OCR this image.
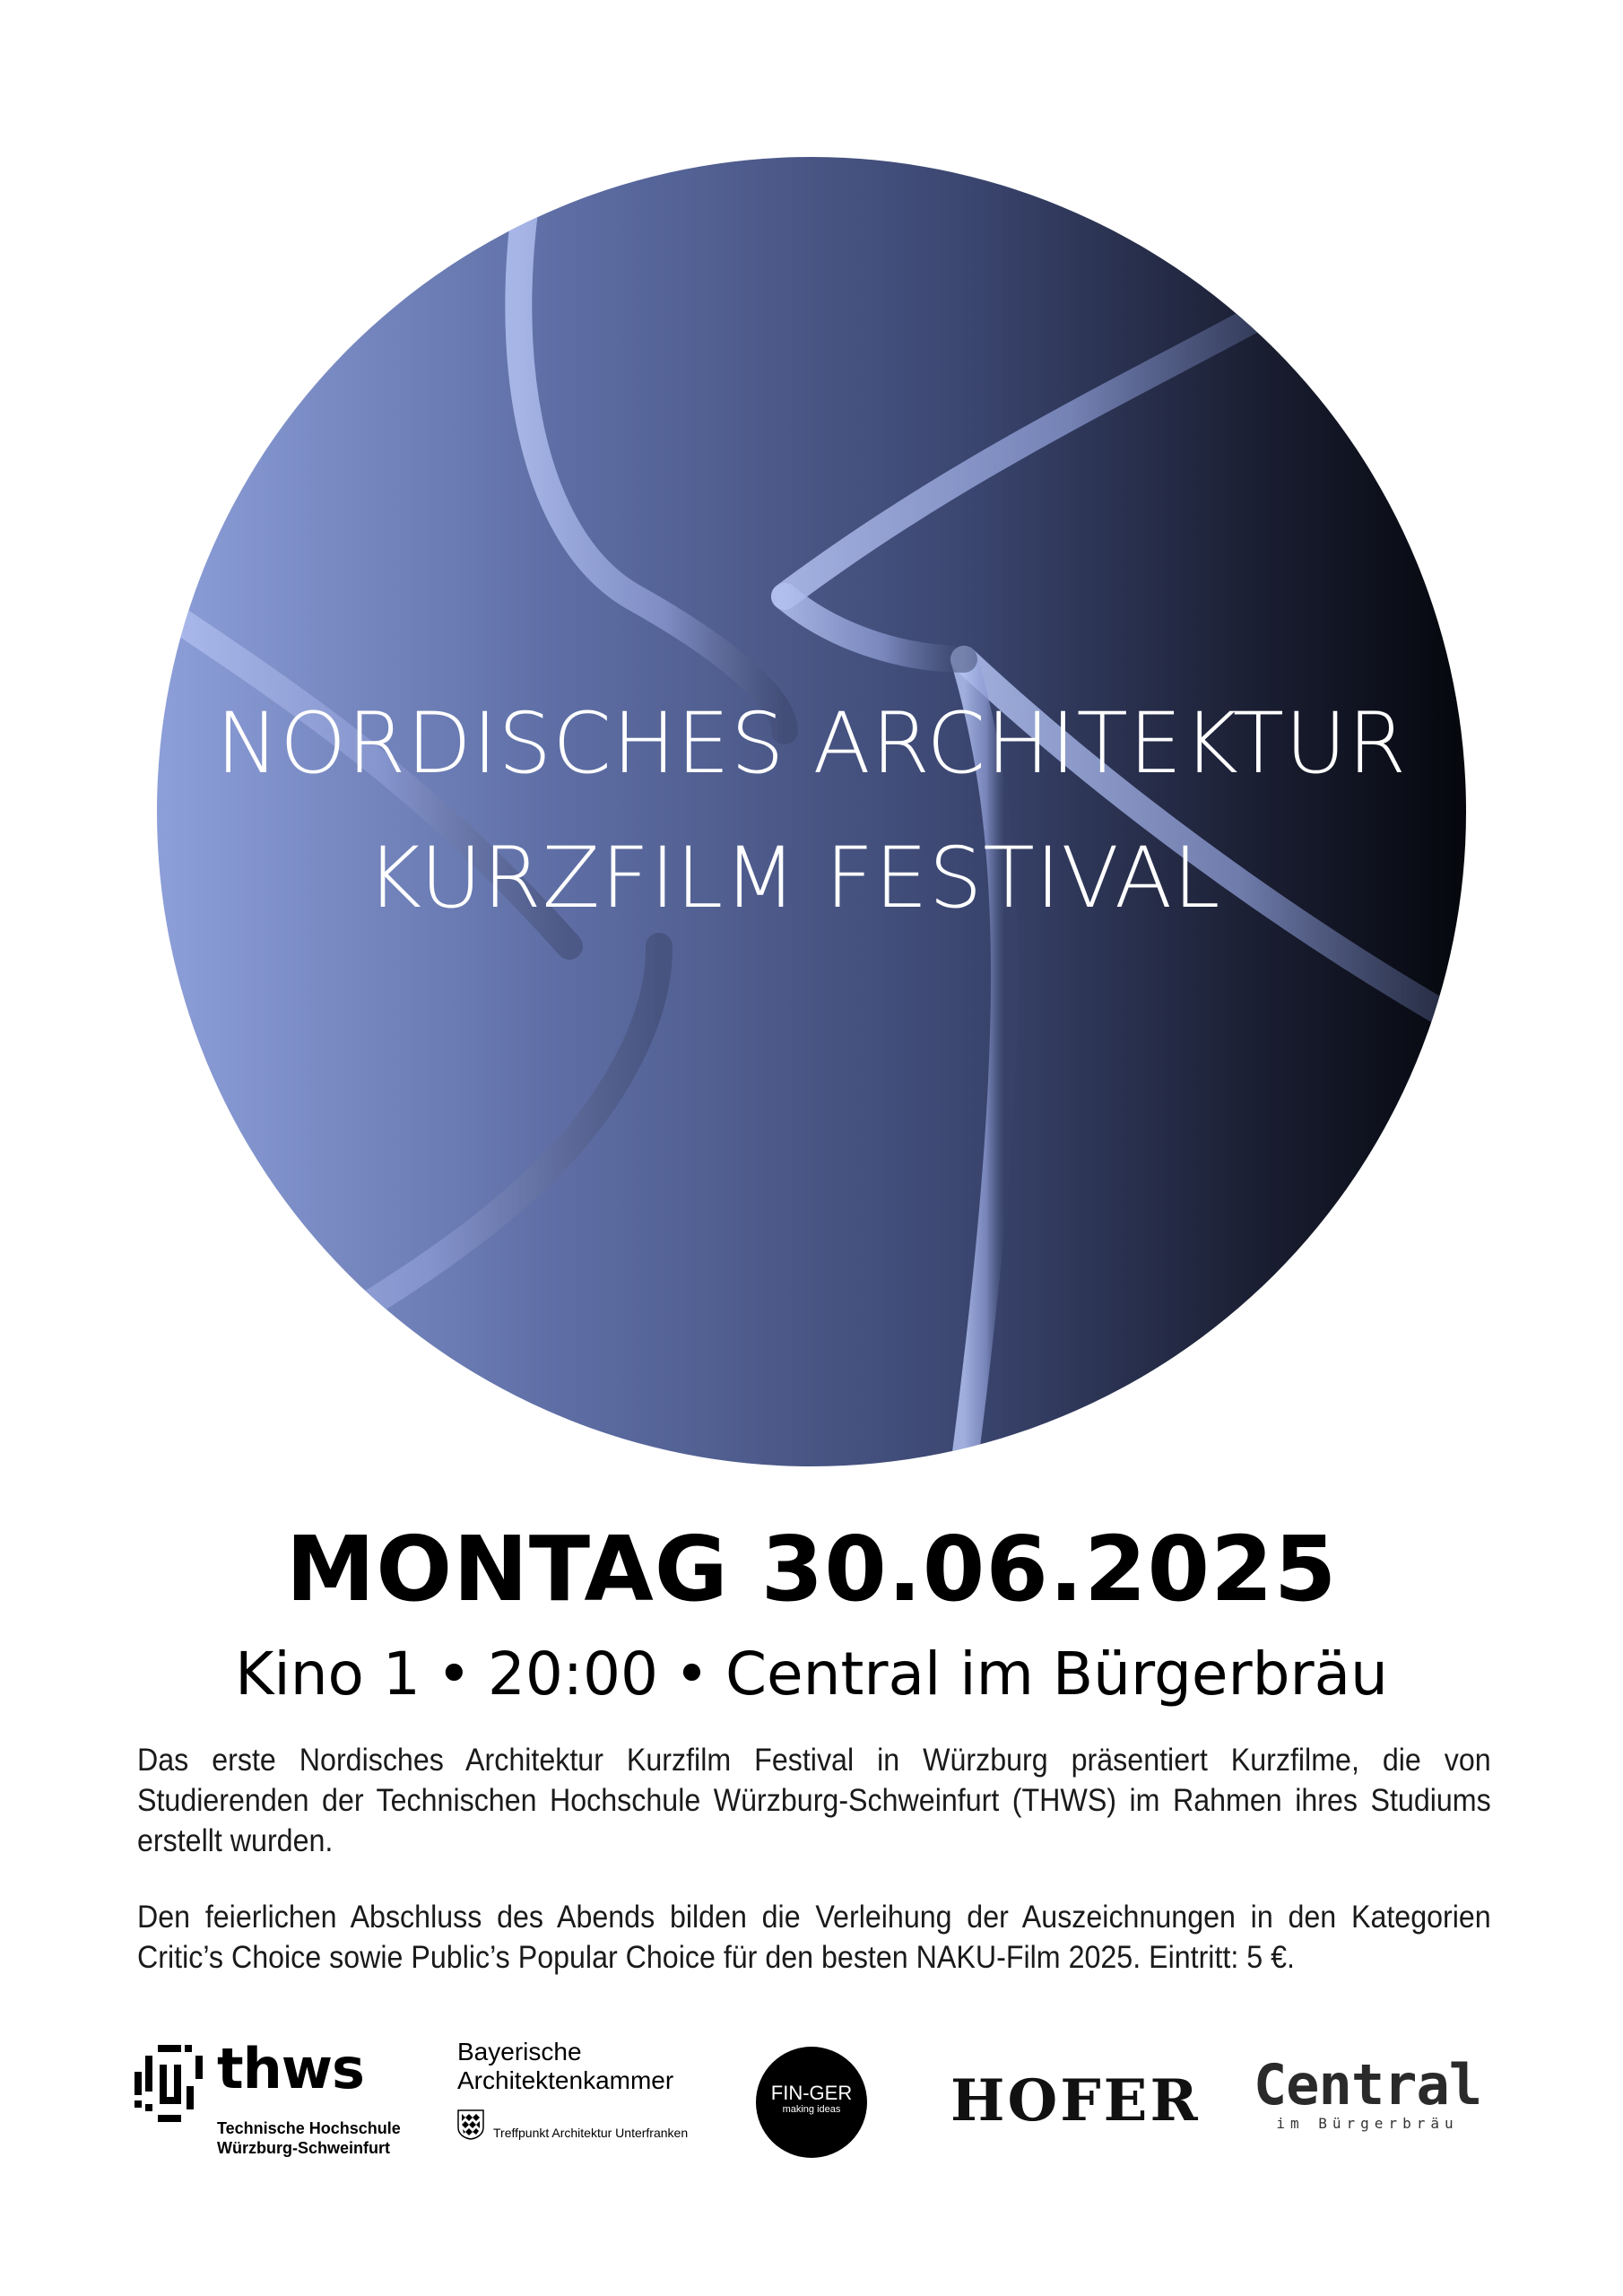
NORDISCHES ARCHITEKTUR
KURZFILM FESTIVAL
MONTAG 30.06.2025
Kino 1 • 20:00 • Central im Bürgerbräu

Das erste Nordisches Architektur Kurzfilm Festival in Würzburg präsentiert Kurzfilme, die von Studierenden der Technischen Hochschule Würzburg-Schweinfurt (THWS) im Rahmen ihres Studiums erstellt wurden.

Den feierlichen Abschluss des Abends bilden die Verleihung der Auszeichnungen in den Kategorien Critic’s Choice sowie Public’s Popular Choice für den besten NAKU-Film 2025. Eintritt: 5 €.

thws
Technische Hochschule
Würzburg-Schweinfurt
Bayerische
Architektenkammer
Treffpunkt Architektur Unterfranken
FIN-GER
making ideas	HOFER Central
im Bürgerbräu
